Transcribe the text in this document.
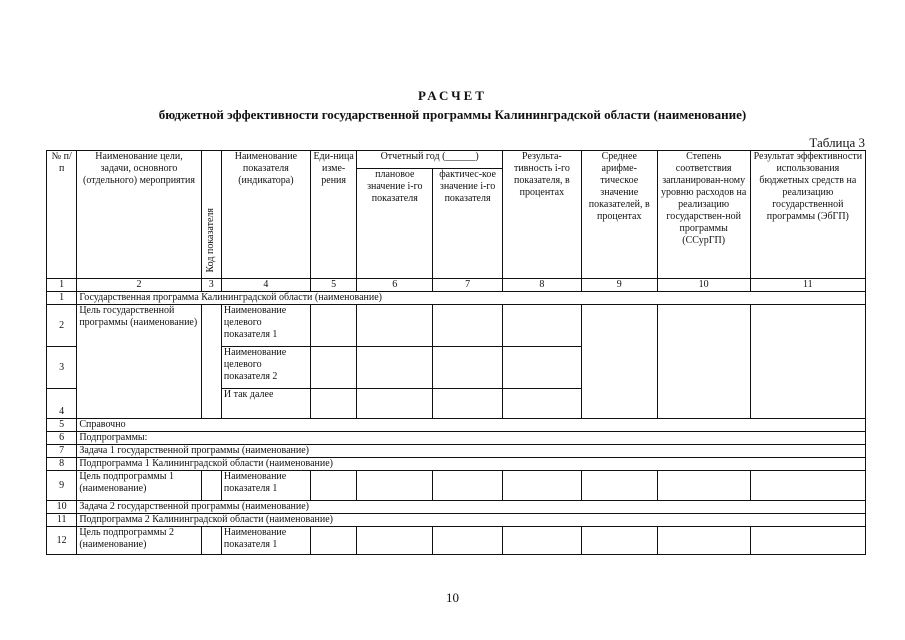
РАСЧЕТ
бюджетной эффективности государственной программы Калининградской области (наименование)
Таблица 3
№ п/п	Наименование цели, задачи, основного (отдельного) мероприятия	Код показателя	Наименование показателя (индикатора)	Еди-ница изме-рения	Отчетный год (______)		Результа-тивность i-го показателя, в процентах	Среднее арифме-тическое значение показателей, в процентах	Степень соответствия запланирован-ному уровню расходов на реализацию государствен-ной программы (ССурГП)	Результат эффективности использования бюджетных средств на реализацию государственной программы (ЭбГП)
					плановое значение i-го показателя	фактичес-кое значение i-го показателя				
1	2	3	4	5	6	7	8	9	10	11
1	Государственная программа Калининградской области (наименование)									
2	Цель государственной программы (наименование)		Наименование целевого показателя 1							
3			Наименование целевого показателя 2							
4			И так далее							
5	Справочно									
6	Подпрограммы:									
7	Задача 1 государственной программы (наименование)									
8	Подпрограмма 1 Калининградской области (наименование)									
9	Цель подпрограммы 1 (наименование)		Наименование показателя 1							
10	Задача 2 государственной программы (наименование)									
11	Подпрограмма 2 Калининградской области (наименование)									
12	Цель подпрограммы 2 (наименование)		Наименование показателя 1							
10
